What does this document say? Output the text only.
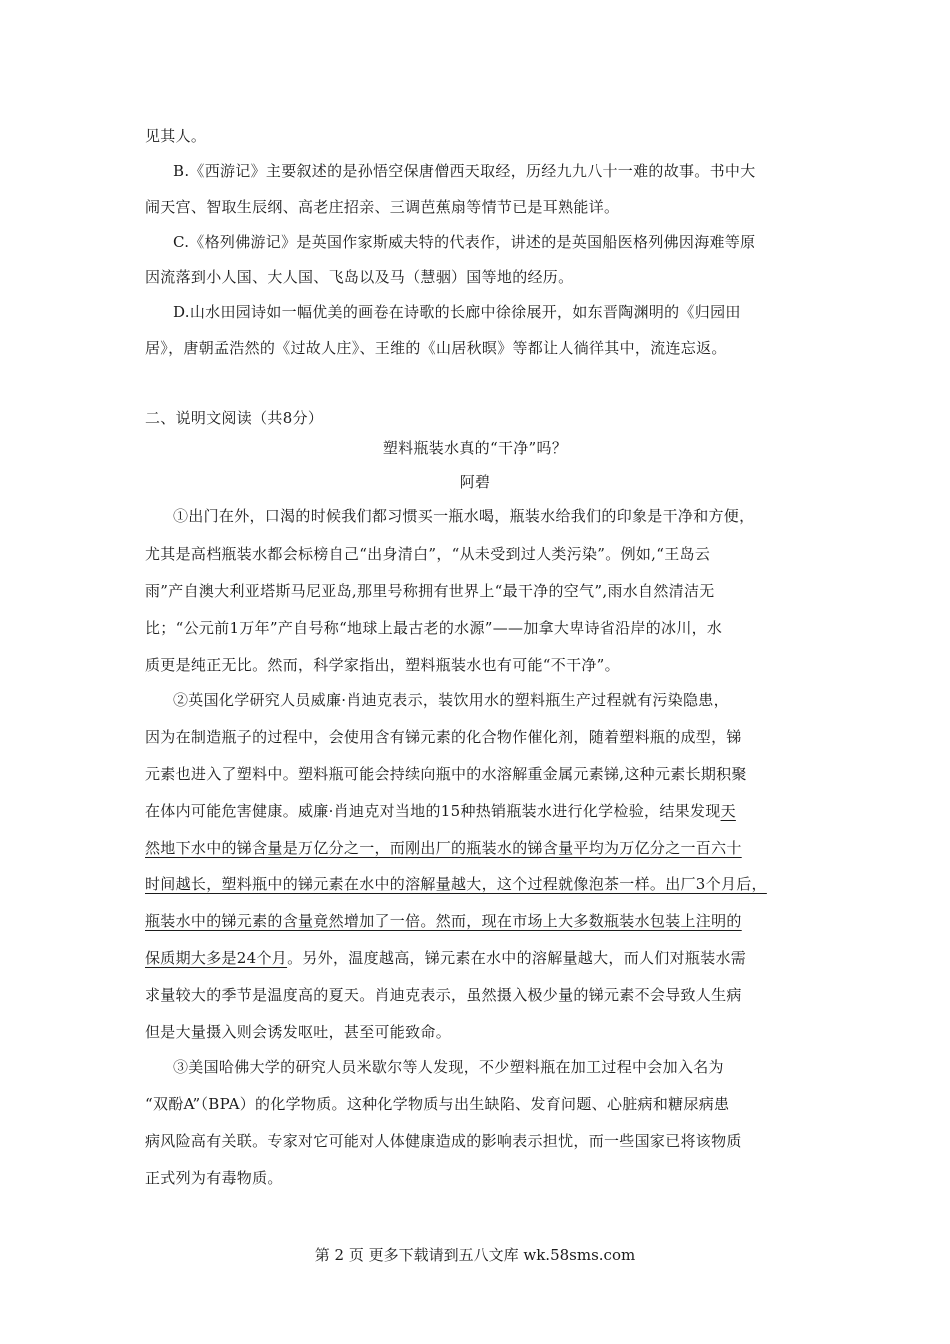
见其人。
B.《西游记》主要叙述的是孙悟空保唐僧西天取经，历经九九八十一难的故事。书中大
闹天宫、智取生辰纲、高老庄招亲、三调芭蕉扇等情节已是耳熟能详。
C.《格列佛游记》是英国作家斯威夫特的代表作，讲述的是英国船医格列佛因海难等原
因流落到小人国、大人国、飞岛以及马（慧骃）国等地的经历。
D.山水田园诗如一幅优美的画卷在诗歌的长廊中徐徐展开，如东晋陶渊明的《归园田
居》，唐朝孟浩然的《过故人庄》、王维的《山居秋暝》等都让人徜徉其中，流连忘返。
二、说明文阅读（共8分）
塑料瓶装水真的“干净”吗？
阿碧
①出门在外，口渴的时候我们都习惯买一瓶水喝，瓶装水给我们的印象是干净和方便，
尤其是高档瓶装水都会标榜自己“出身清白”，“从未受到过人类污染”。例如,“王岛云
雨”产自澳大利亚塔斯马尼亚岛,那里号称拥有世界上“最干净的空气”,雨水自然清洁无
比；“公元前1万年”产自号称“地球上最古老的水源”——加拿大卑诗省沿岸的冰川，水
质更是纯正无比。然而，科学家指出，塑料瓶装水也有可能“不干净”。
②英国化学研究人员威廉·肖迪克表示，装饮用水的塑料瓶生产过程就有污染隐患，
因为在制造瓶子的过程中，会使用含有锑元素的化合物作催化剂，随着塑料瓶的成型，锑
元素也进入了塑料中。塑料瓶可能会持续向瓶中的水溶解重金属元素锑,这种元素长期积聚
在体内可能危害健康。威廉·肖迪克对当地的15种热销瓶装水进行化学检验，结果发现天
然地下水中的锑含量是万亿分之一，而刚出厂的瓶装水的锑含量平均为万亿分之一百六十
时间越长，塑料瓶中的锑元素在水中的溶解量越大，这个过程就像泡茶一样。出厂3个月后，
瓶装水中的锑元素的含量竟然增加了一倍。然而，现在市场上大多数瓶装水包装上注明的
保质期大多是24个月。另外，温度越高，锑元素在水中的溶解量越大，而人们对瓶装水需
求量较大的季节是温度高的夏天。肖迪克表示，虽然摄入极少量的锑元素不会导致人生病
但是大量摄入则会诱发呕吐，甚至可能致命。
③美国哈佛大学的研究人员米歇尔等人发现，不少塑料瓶在加工过程中会加入名为
“双酚A”（BPA）的化学物质。这种化学物质与出生缺陷、发育问题、心脏病和糖尿病患
病风险高有关联。专家对它可能对人体健康造成的影响表示担忧，而一些国家已将该物质
正式列为有毒物质。
第 2 页 更多下载请到五八文库 wk.58sms.com
